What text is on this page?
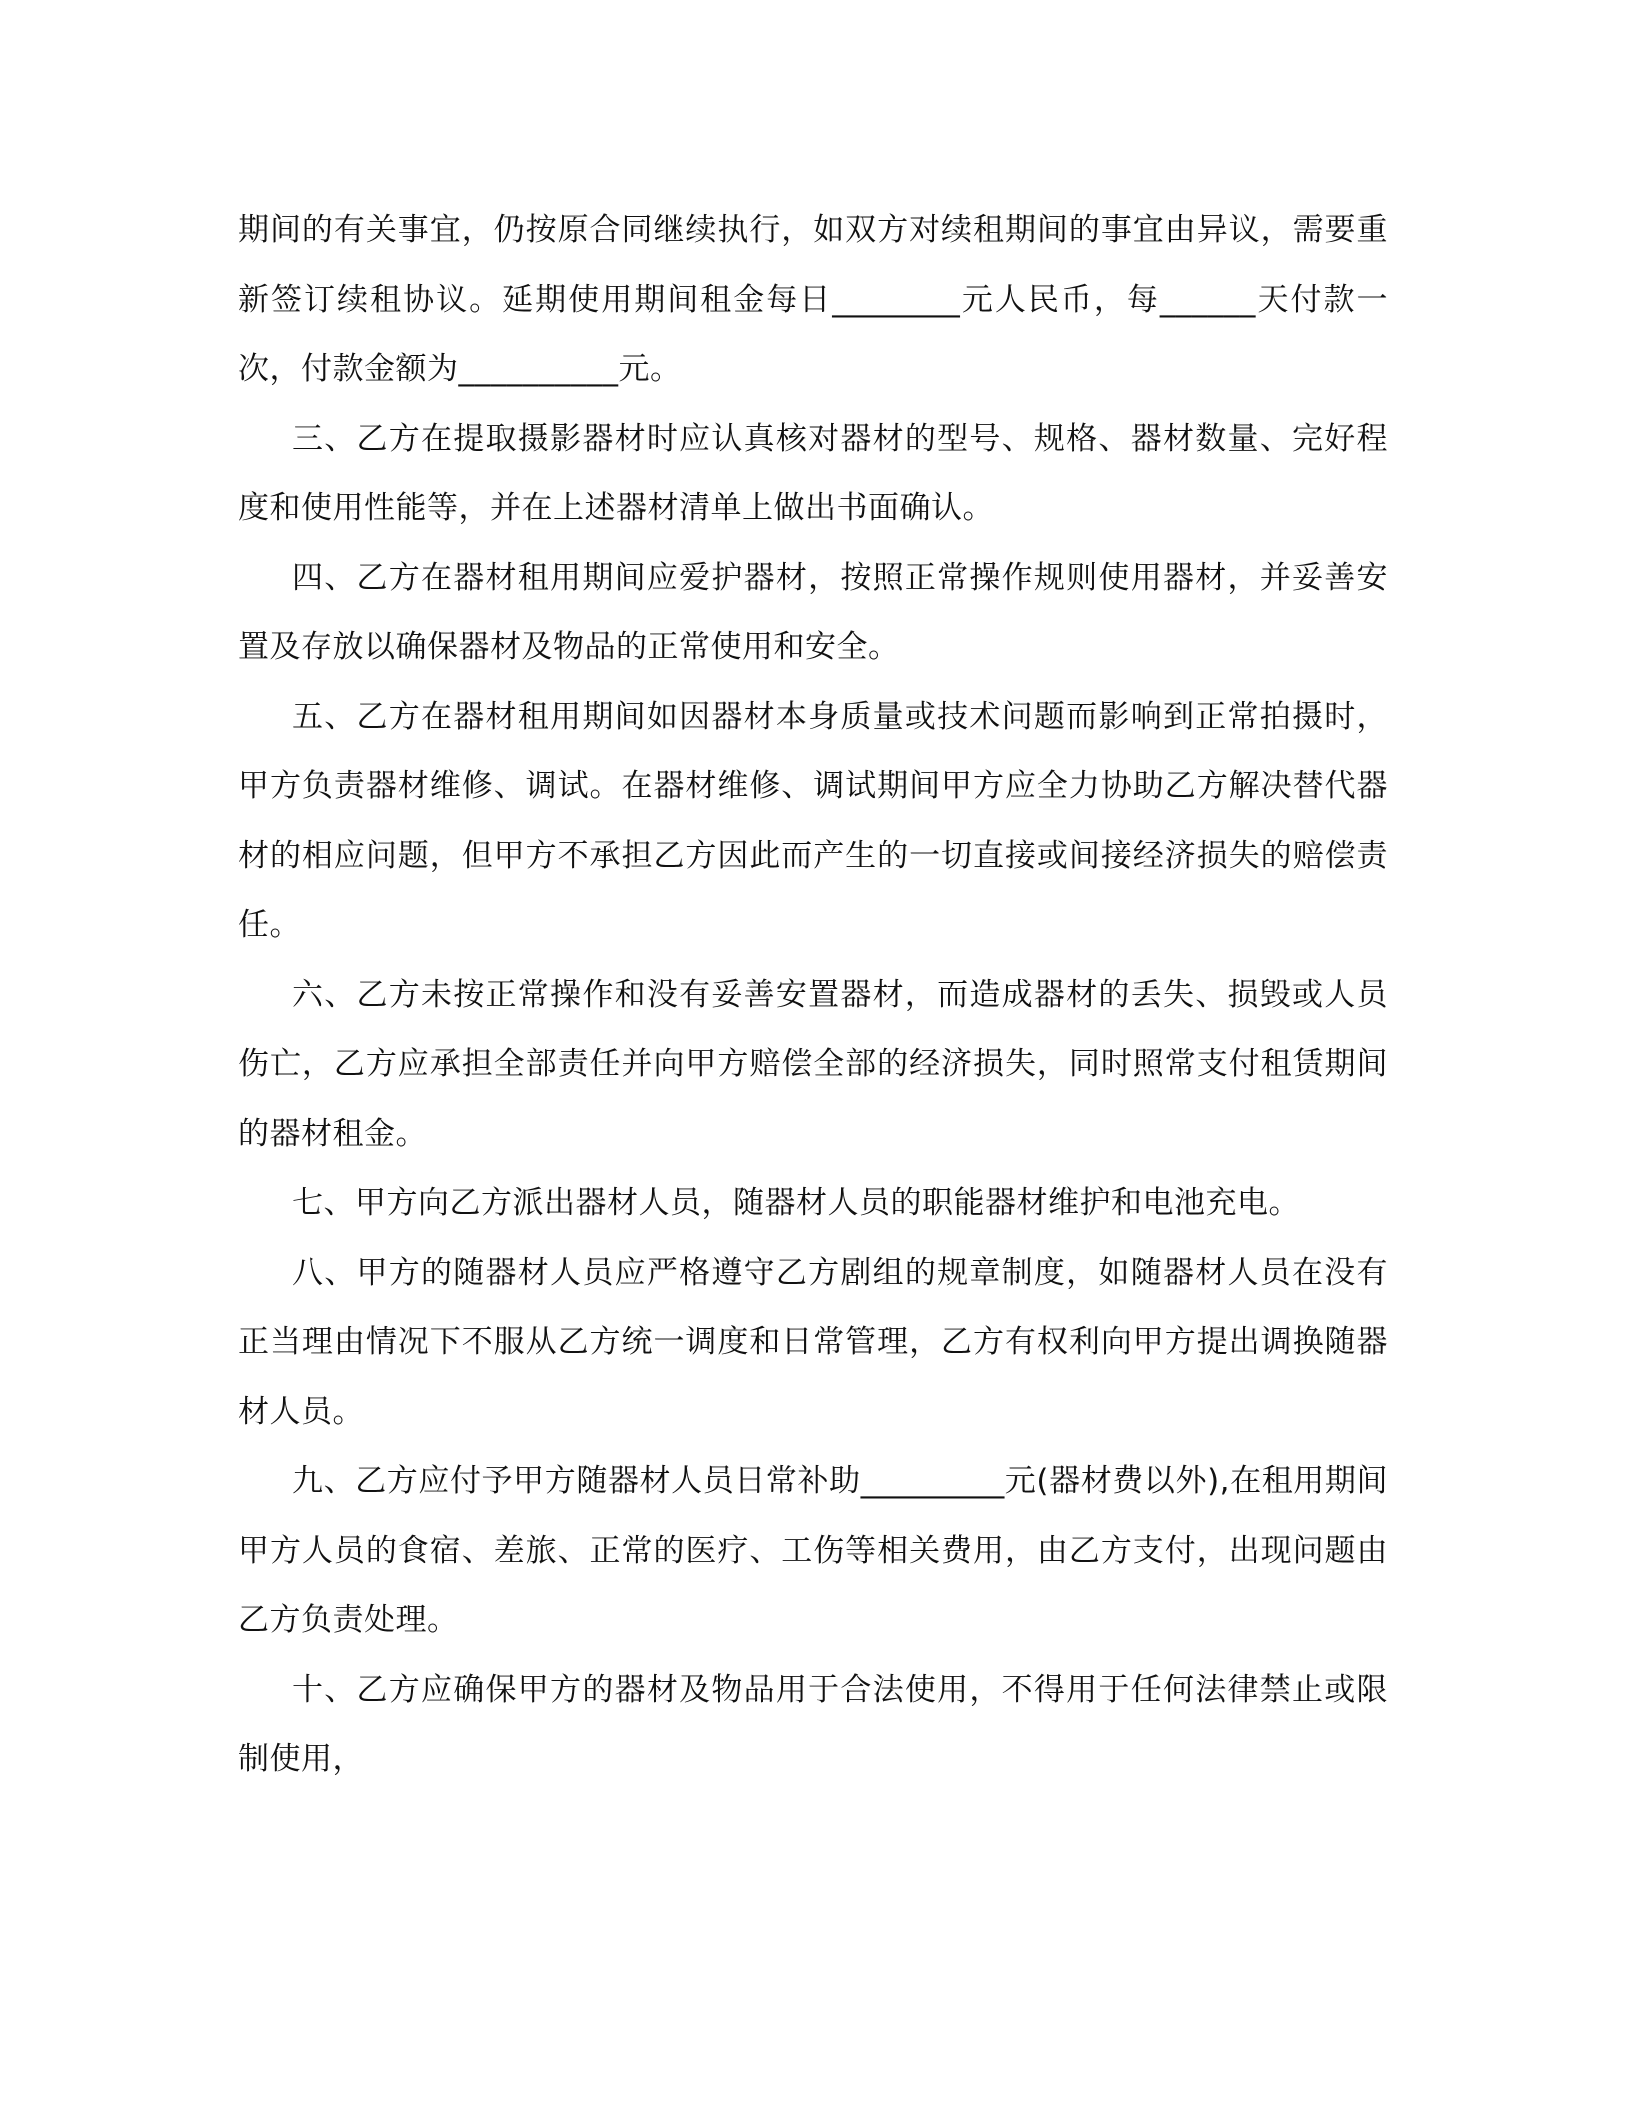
期间的有关事宜，仍按原合同继续执行，如双方对续租期间的事宜由异议，需要重新签订续租协议。延期使用期间租金每日________元人民币，每______天付款一次，付款金额为__________元。

三、乙方在提取摄影器材时应认真核对器材的型号、规格、器材数量、完好程度和使用性能等，并在上述器材清单上做出书面确认。

四、乙方在器材租用期间应爱护器材，按照正常操作规则使用器材，并妥善安置及存放以确保器材及物品的正常使用和安全。

五、乙方在器材租用期间如因器材本身质量或技术问题而影响到正常拍摄时，甲方负责器材维修、调试。在器材维修、调试期间甲方应全力协助乙方解决替代器材的相应问题，但甲方不承担乙方因此而产生的一切直接或间接经济损失的赔偿责任。

六、乙方未按正常操作和没有妥善安置器材，而造成器材的丢失、损毁或人员伤亡，乙方应承担全部责任并向甲方赔偿全部的经济损失，同时照常支付租赁期间的器材租金。

七、甲方向乙方派出器材人员，随器材人员的职能器材维护和电池充电。

八、甲方的随器材人员应严格遵守乙方剧组的规章制度，如随器材人员在没有正当理由情况下不服从乙方统一调度和日常管理，乙方有权利向甲方提出调换随器材人员。

九、乙方应付予甲方随器材人员日常补助_________元(器材费以外),在租用期间甲方人员的食宿、差旅、正常的医疗、工伤等相关费用，由乙方支付，出现问题由乙方负责处理。

十、乙方应确保甲方的器材及物品用于合法使用，不得用于任何法律禁止或限制使用，
